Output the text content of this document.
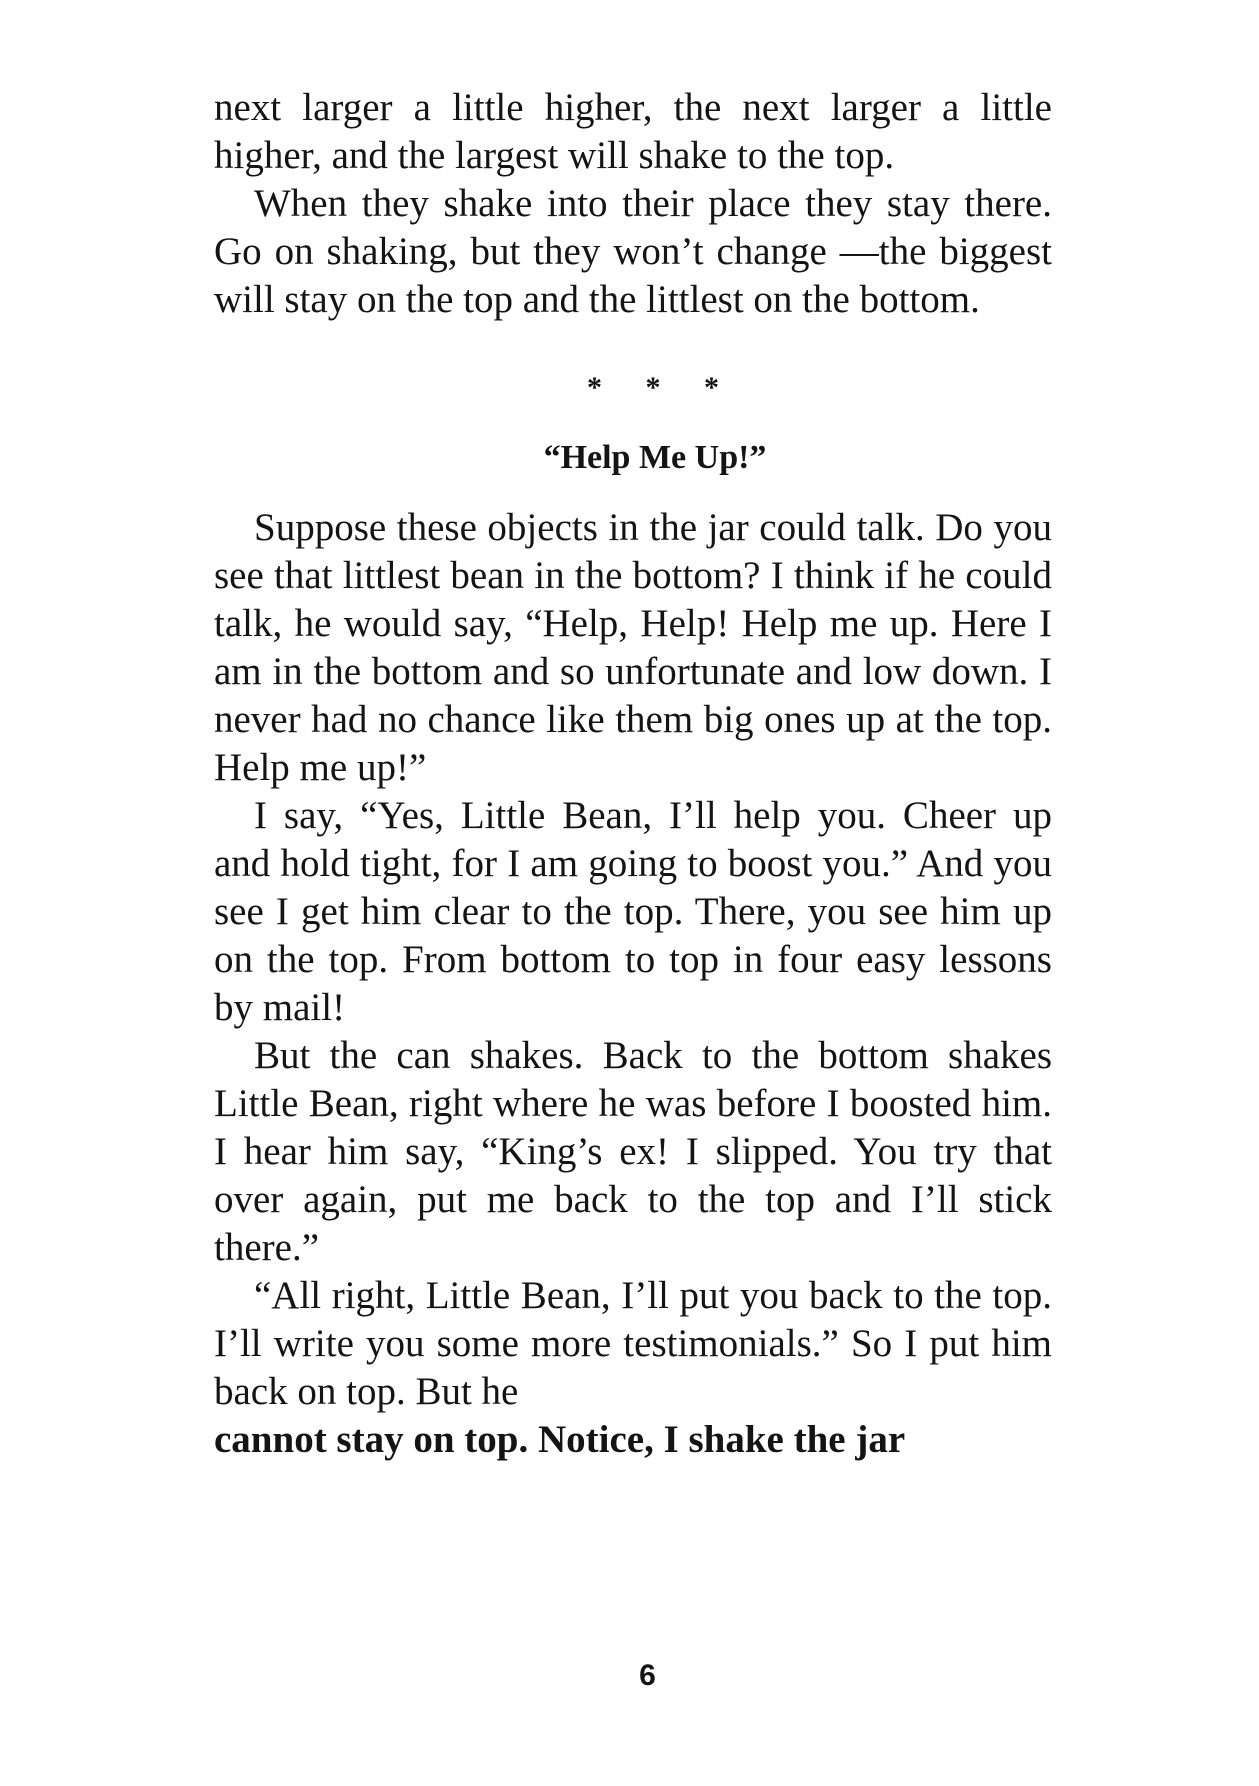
next larger a little higher, the next larger a little higher, and the largest will shake to the top.

When they shake into their place they stay there. Go on shaking, but they won’t change —the biggest will stay on the top and the littlest on the bottom.

* * *
“Help Me Up!”

Suppose these objects in the jar could talk. Do you see that littlest bean in the bottom? I think if he could talk, he would say, “Help, Help! Help me up. Here I am in the bottom and so unfortunate and low down. I never had no chance like them big ones up at the top. Help me up!”

I say, “Yes, Little Bean, I’ll help you. Cheer up and hold tight, for I am going to boost you.” And you see I get him clear to the top. There, you see him up on the top. From bottom to top in four easy lessons by mail!

But the can shakes. Back to the bottom shakes Little Bean, right where he was before I boosted him. I hear him say, “King’s ex! I slipped. You try that over again, put me back to the top and I’ll stick there.”

“All right, Little Bean, I’ll put you back to the top. I’ll write you some more testimonials.” So I put him back on top. But he

cannot stay on top. Notice, I shake the jar

6
